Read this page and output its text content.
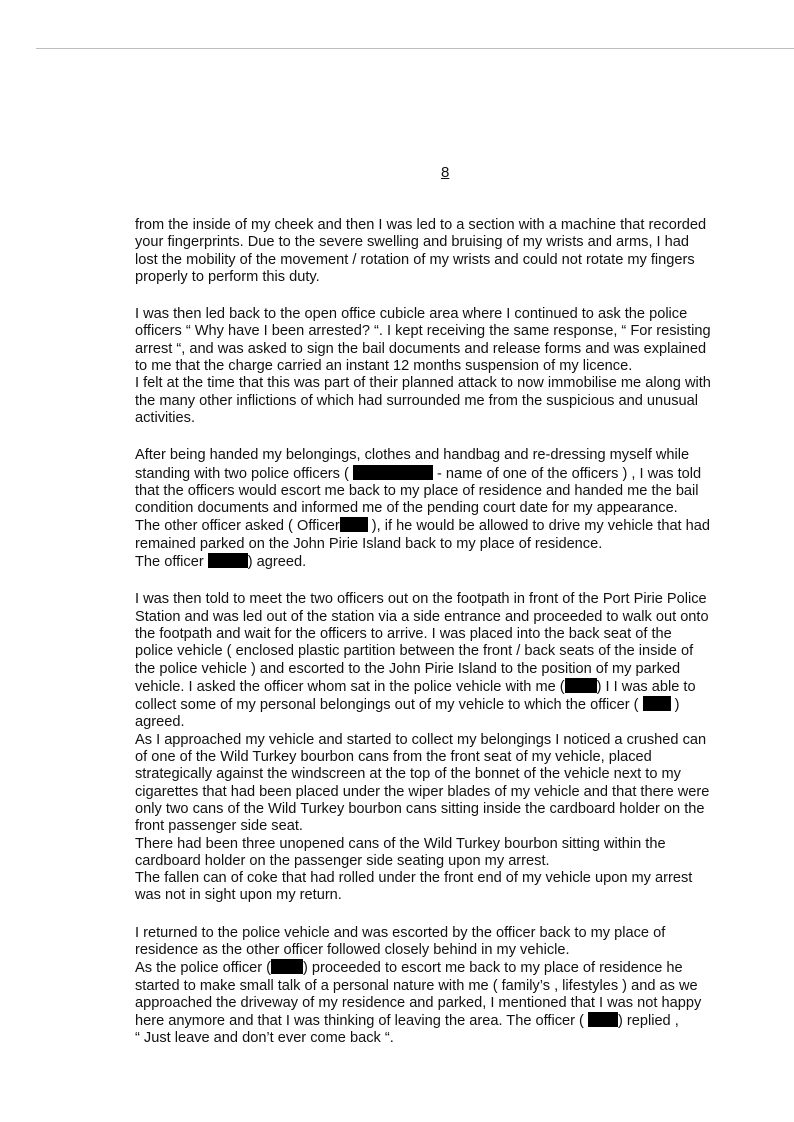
8
from the inside of my cheek and then I was led to a section with a machine that recorded
your fingerprints. Due to the severe swelling and bruising of my wrists and arms, I had
lost the mobility of the movement / rotation of my wrists and could not rotate my fingers
properly to perform this duty.
I was then led back to the open office cubicle area where I continued to ask the police
officers “ Why have I been arrested? “. I kept receiving the same response, “ For resisting
arrest “, and was asked to sign the bail documents and release forms and was explained
to me that the charge carried an instant 12 months suspension of my licence.
I felt at the time that this was part of their planned attack to now immobilise me along with
the many other inflictions of which had surrounded me from the suspicious and unusual
activities.
After being handed my belongings, clothes and handbag and re-dressing myself while
standing with two police officers (	- name of one of the officers ) , I was told
that the officers would escort me back to my place of residence and handed me the bail
condition documents and informed me of the pending court date for my appearance.
The other officer asked ( Officer ), if he would be allowed to drive my vehicle that had
remained parked on the John Pirie Island back to my place of residence.
The officer	) agreed.
I was then told to meet the two officers out on the footpath in front of the Port Pirie Police
Station and was led out of the station via a side entrance and proceeded to walk out onto
the footpath and wait for the officers to arrive. I was placed into the back seat of the
police vehicle ( enclosed plastic partition between the front / back seats of the inside of
the police vehicle ) and escorted to the John Pirie Island to the position of my parked
vehicle. I asked the officer whom sat in the police vehicle with me ( ) I I was able to
collect some of my personal belongings out of my vehicle to which the officer (  )
agreed.
As I approached my vehicle and started to collect my belongings I noticed a crushed can
of one of the Wild Turkey bourbon cans from the front seat of my vehicle, placed
strategically against the windscreen at the top of the bonnet of the vehicle next to my
cigarettes that had been placed under the wiper blades of my vehicle and that there were
only two cans of the Wild Turkey bourbon cans sitting inside the cardboard holder on the
front passenger side seat.
There had been three unopened cans of the Wild Turkey bourbon sitting within the
cardboard holder on the passenger side seating upon my arrest.
The fallen can of coke that had rolled under the front end of my vehicle upon my arrest
was not in sight upon my return.
I returned to the police vehicle and was escorted by the officer back to my place of
residence as the other officer followed closely behind in my vehicle.
As the police officer ( ) proceeded to escort me back to my place of residence he
started to make small talk of a personal nature with me ( family’s , lifestyles ) and as we
approached the driveway of my residence and parked, I mentioned that I was not happy
here anymore and that I was thinking of leaving the area. The officer ( ) replied ,
“ Just leave and don’t ever come back “.
